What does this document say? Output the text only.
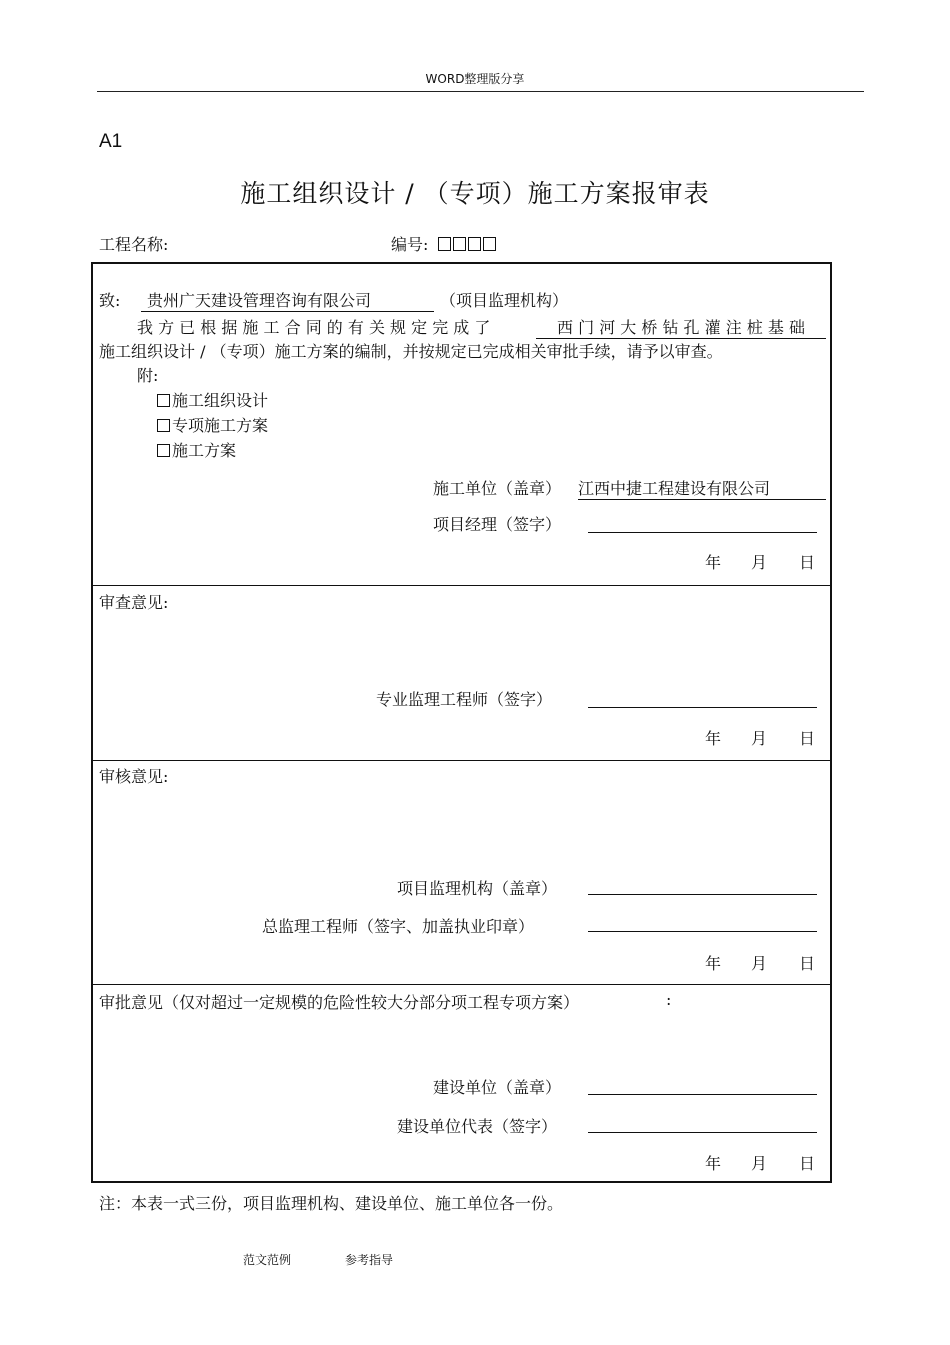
WORD整理版分享
A1
施工组织设计 / （专项）施工方案报审表
工程名称:	编号:
致:	贵州广天建设管理咨询有限公司	（项目监理机构）
我 方 已 根 据 施 工 合 同 的 有 关 规 定 完 成 了	西 门 河 大 桥 钻 孔 灌 注 桩 基 础
施工组织设计 / （专项）施工方案的编制，并按规定已完成相关审批手续，请予以审查。
附:
施工组织设计
专项施工方案
施工方案
施工单位（盖章） 江西中捷工程建设有限公司
项目经理（签字）
年 月 日
审查意见:
专业监理工程师（签字）
年 月 日
审核意见:
项目监理机构（盖章）
总监理工程师（签字、加盖执业印章）
年 月 日
审批意见（仅对超过一定规模的危险性较大分部分项工程专项方案）	:
建设单位（盖章）
建设单位代表（签字）
年 月 日
注：本表一式三份，项目监理机构、建设单位、施工单位各一份。
范文范例	参考指导
